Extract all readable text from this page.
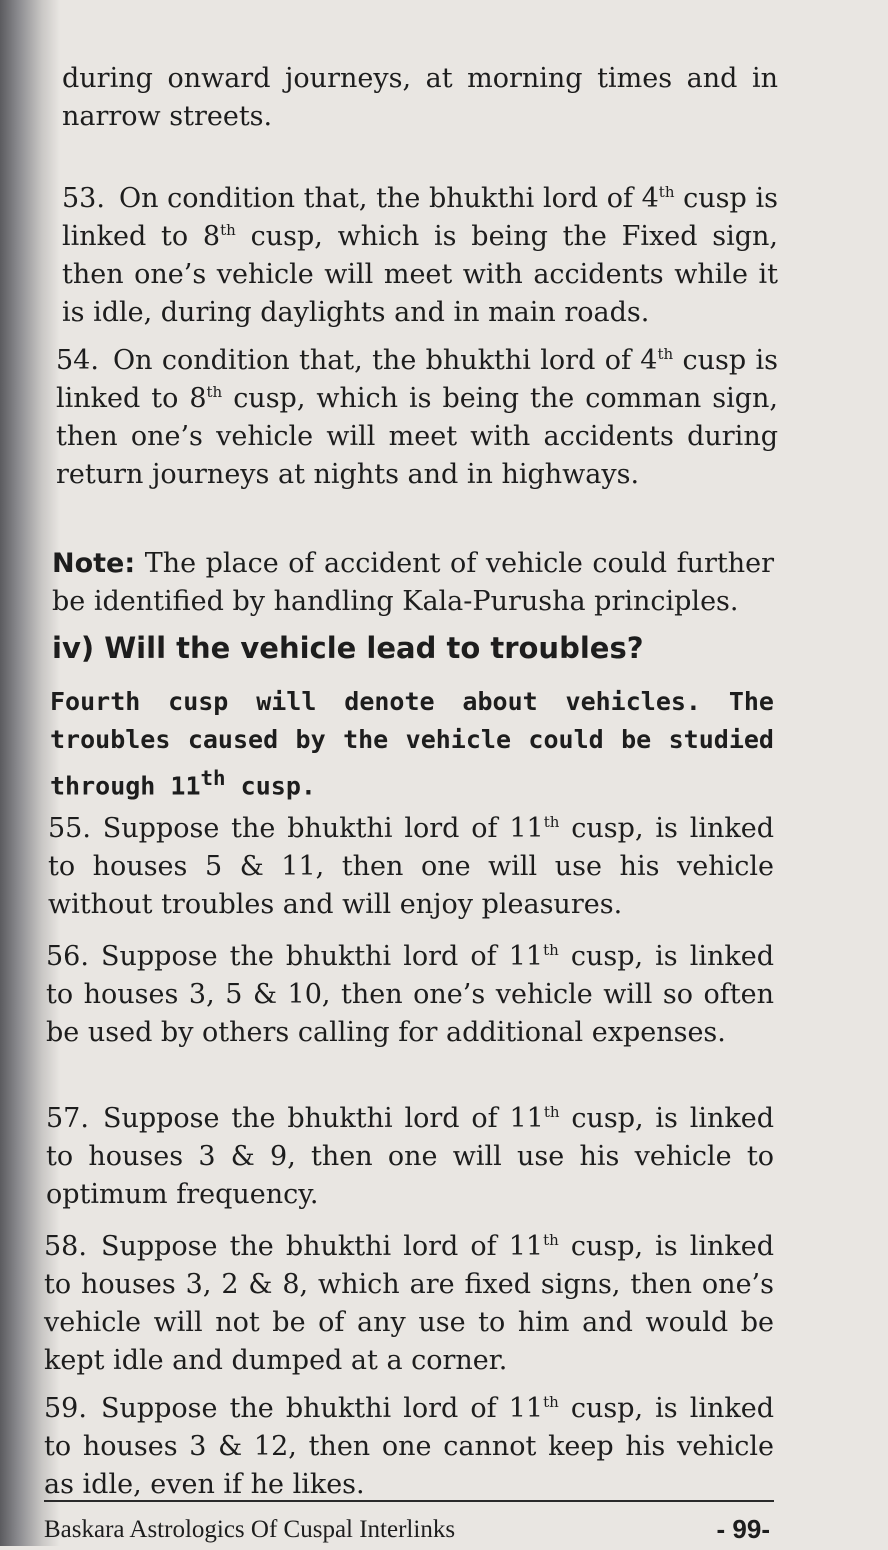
during onward journeys, at morning times and in narrow streets.

53. On condition that, the bhukthi lord of 4th cusp is linked to 8th cusp, which is being the Fixed sign, then one’s vehicle will meet with accidents while it is idle, during daylights and in main roads.

54. On condition that, the bhukthi lord of 4th cusp is linked to 8th cusp, which is being the comman sign, then one’s vehicle will meet with accidents during return journeys at nights and in highways.

Note: The place of accident of vehicle could further be identified by handling Kala-Purusha principles.

iv) Will the vehicle lead to troubles?

Fourth cusp will denote about vehicles. The troubles caused by the vehicle could be studied through 11th cusp.

55. Suppose the bhukthi lord of 11th cusp, is linked to houses 5 & 11, then one will use his vehicle without troubles and will enjoy pleasures.

56. Suppose the bhukthi lord of 11th cusp, is linked to houses 3, 5 & 10, then one’s vehicle will so often be used by others calling for additional expenses.

57. Suppose the bhukthi lord of 11th cusp, is linked to houses 3 & 9, then one will use his vehicle to optimum frequency.

58. Suppose the bhukthi lord of 11th cusp, is linked to houses 3, 2 & 8, which are fixed signs, then one’s vehicle will not be of any use to him and would be kept idle and dumped at a corner.

59. Suppose the bhukthi lord of 11th cusp, is linked to houses 3 & 12, then one cannot keep his vehicle as idle, even if he likes.

Baskara Astrologics Of Cuspal Interlinks	- 99-
